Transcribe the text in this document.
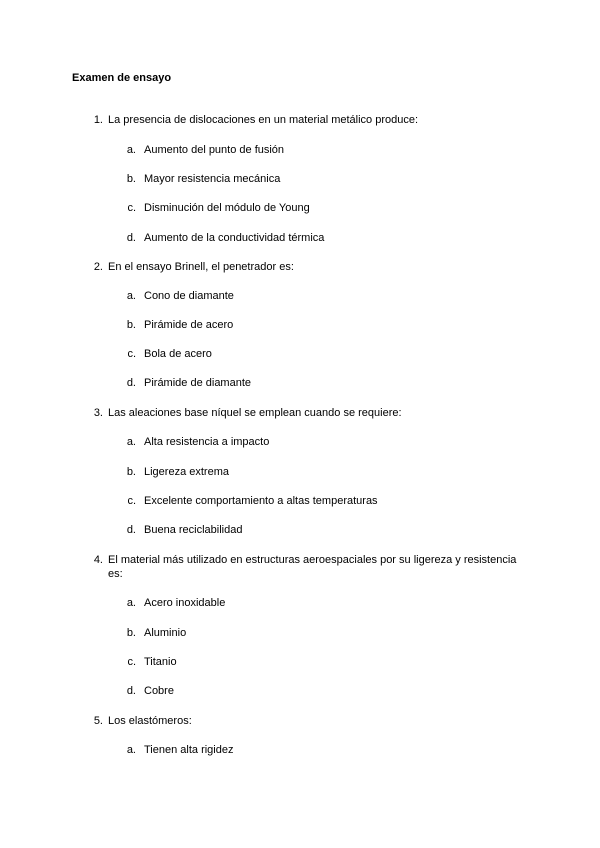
Examen de ensayo
1. La presencia de dislocaciones en un material metálico produce:
a. Aumento del punto de fusión
b. Mayor resistencia mecánica
c. Disminución del módulo de Young
d. Aumento de la conductividad térmica
2. En el ensayo Brinell, el penetrador es:
a. Cono de diamante
b. Pirámide de acero
c. Bola de acero
d. Pirámide de diamante
3. Las aleaciones base níquel se emplean cuando se requiere:
a. Alta resistencia a impacto
b. Ligereza extrema
c. Excelente comportamiento a altas temperaturas
d. Buena reciclabilidad
4. El material más utilizado en estructuras aeroespaciales por su ligereza y resistencia es:
a. Acero inoxidable
b. Aluminio
c. Titanio
d. Cobre
5. Los elastómeros:
a. Tienen alta rigidez
